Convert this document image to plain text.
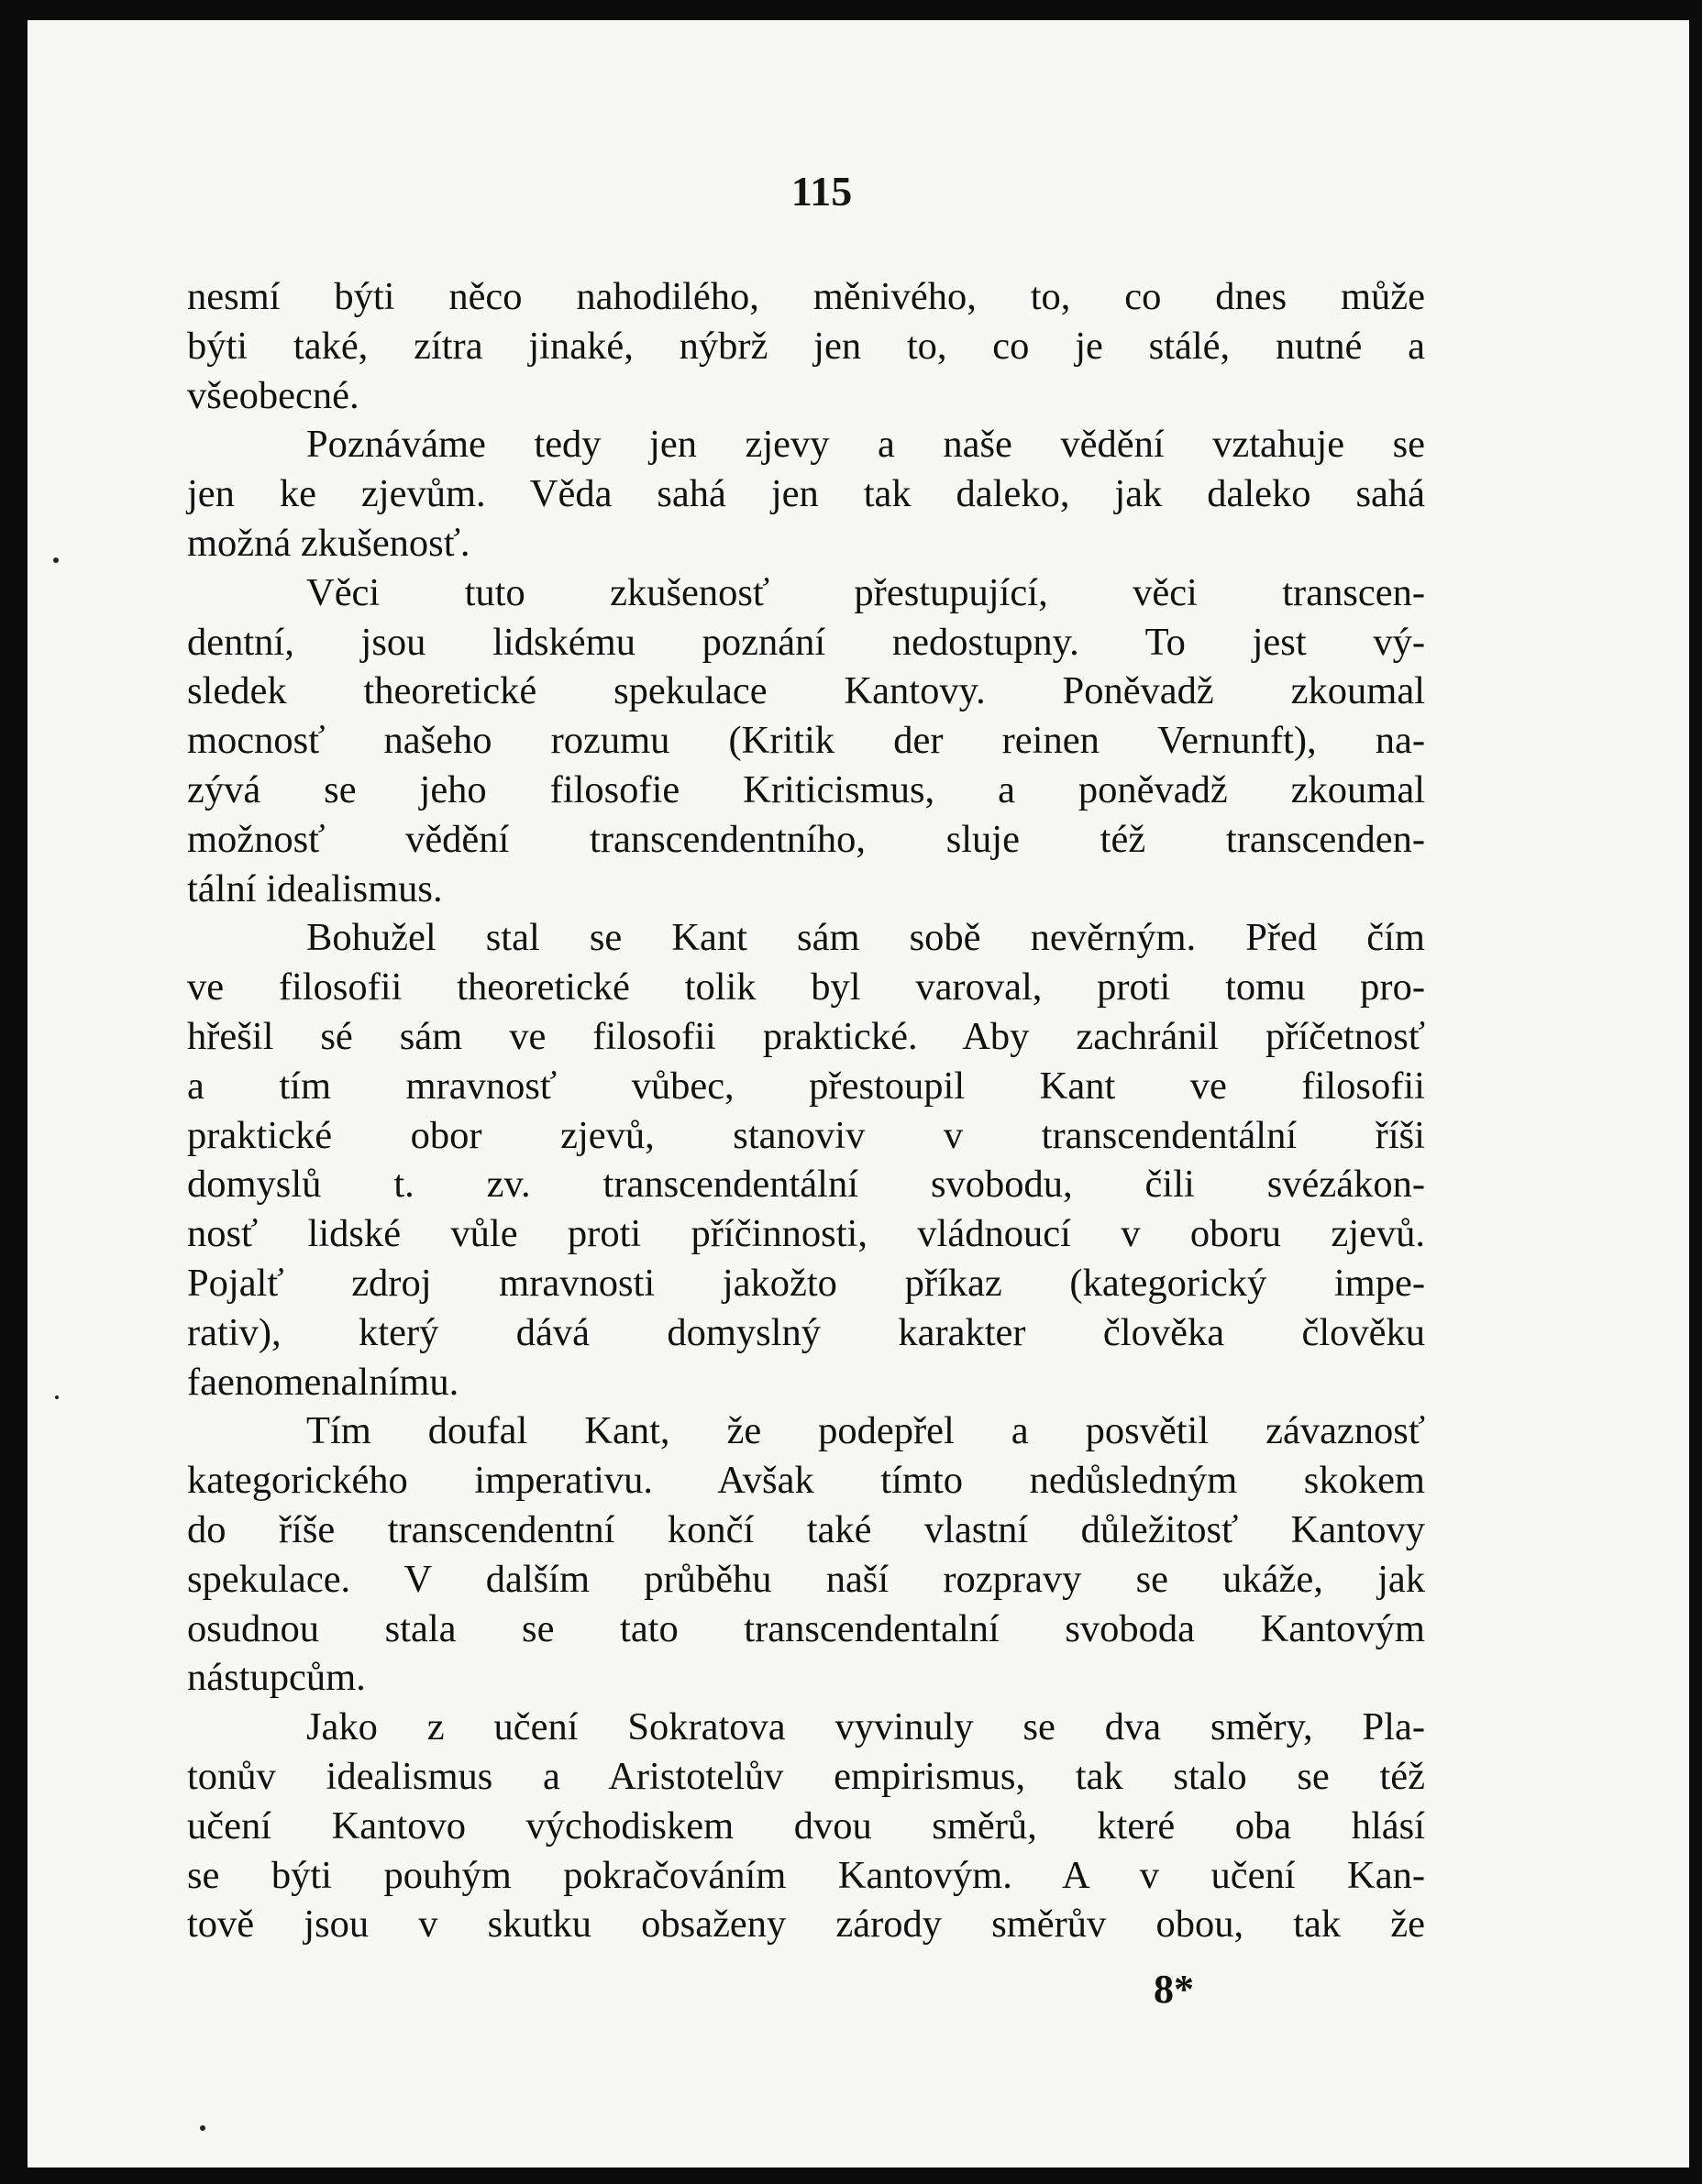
115
nesmí býti něco nahodilého, měnivého, to, co dnes může
býti také, zítra jinaké, nýbrž jen to, co je stálé, nutné a
všeobecné.
Poznáváme tedy jen zjevy a naše vědění vztahuje se
jen ke zjevům. Věda sahá jen tak daleko, jak daleko sahá
možná zkušenosť.
Věci tuto zkušenosť přestupující, věci transcen-
dentní, jsou lidskému poznání nedostupny. To jest vý-
sledek theoretické spekulace Kantovy. Poněvadž zkoumal
mocnosť našeho rozumu (Kritik der reinen Vernunft), na-
zývá se jeho filosofie Kriticismus, a poněvadž zkoumal
možnosť vědění transcendentního, sluje též transcenden-
tální idealismus.
Bohužel stal se Kant sám sobě nevěrným. Před čím
ve filosofii theoretické tolik byl varoval, proti tomu pro-
hřešil sé sám ve filosofii praktické. Aby zachránil příčetnosť
a tím mravnosť vůbec, přestoupil Kant ve filosofii
praktické obor zjevů, stanoviv v transcendentální říši
domyslů t. zv. transcendentální svobodu, čili svézákon-
nosť lidské vůle proti příčinnosti, vládnoucí v oboru zjevů.
Pojalť zdroj mravnosti jakožto příkaz (kategorický impe-
rativ), který dává domyslný karakter člověka člověku
faenomenalnímu.
Tím doufal Kant, že podepřel a posvětil závaznosť
kategorického imperativu. Avšak tímto nedůsledným skokem
do říše transcendentní končí také vlastní důležitosť Kantovy
spekulace. V dalším průběhu naší rozpravy se ukáže, jak
osudnou stala se tato transcendentalní svoboda Kantovým
nástupcům.
Jako z učení Sokratova vyvinuly se dva směry, Pla-
tonův idealismus a Aristotelův empirismus, tak stalo se též
učení Kantovo východiskem dvou směrů, které oba hlásí
se býti pouhým pokračováním Kantovým. A v učení Kan-
tově jsou v skutku obsaženy zárody směrův obou, tak že
8*
